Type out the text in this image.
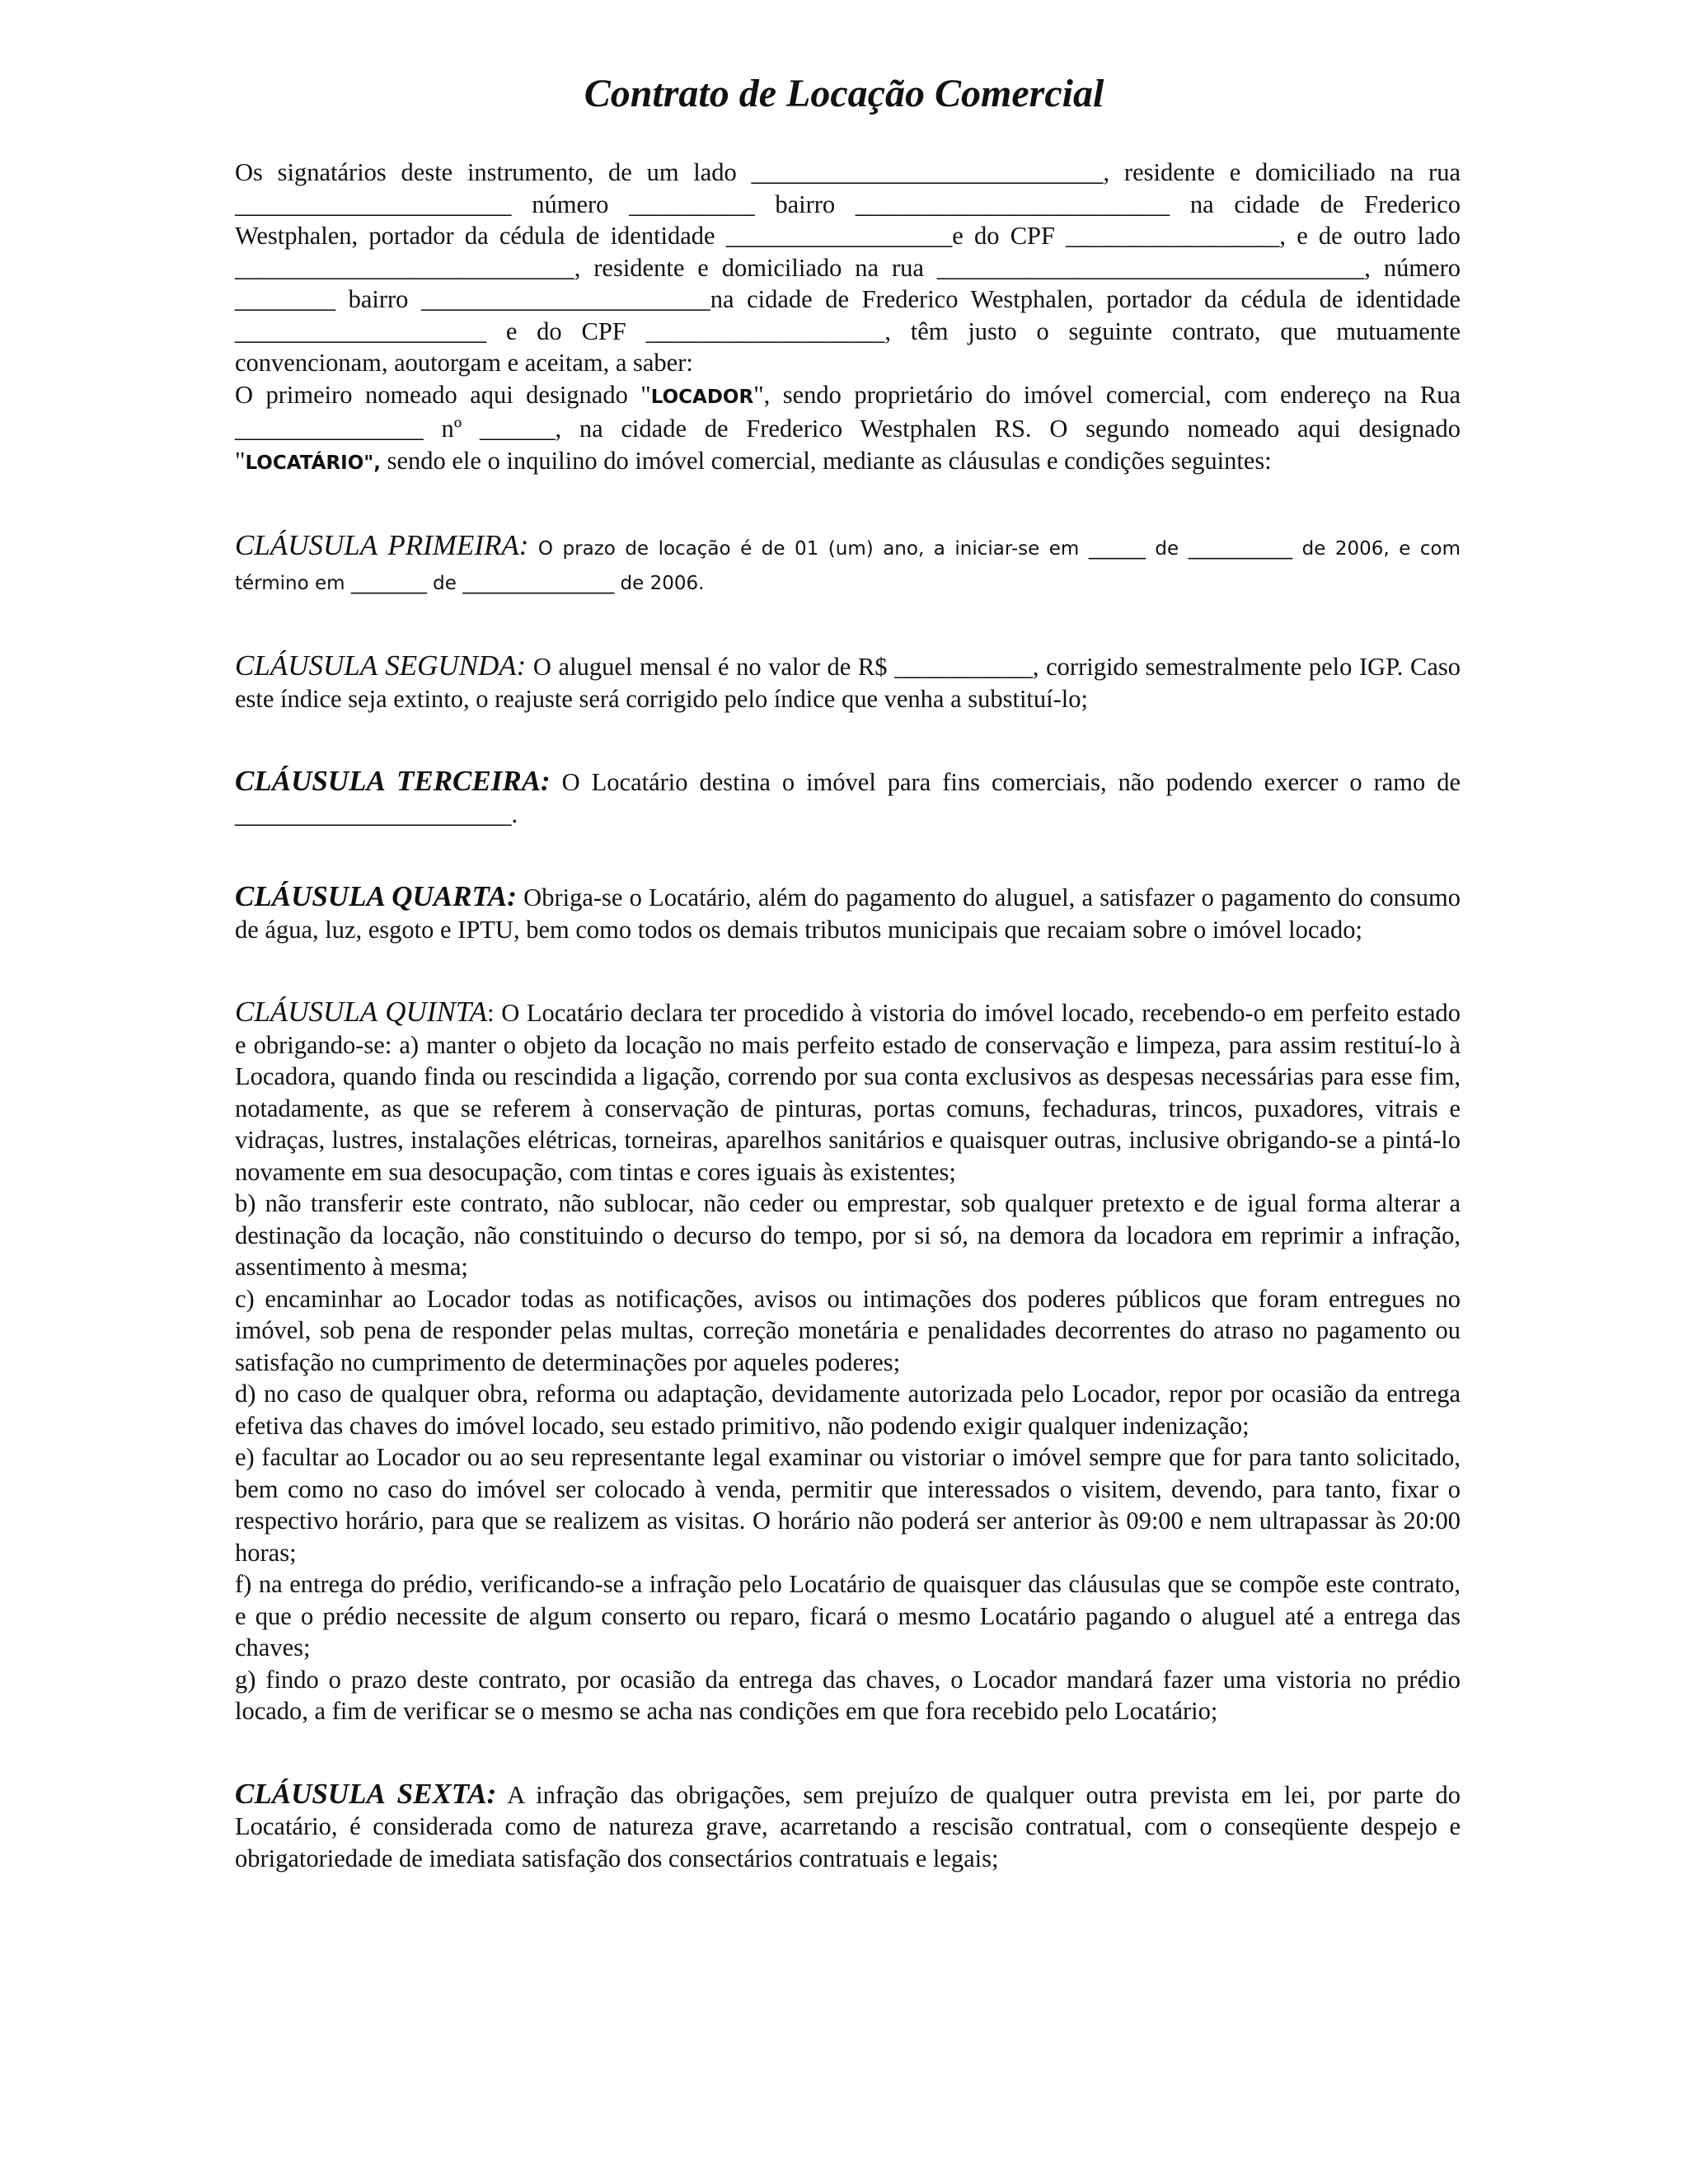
Contrato de Locação Comercial

Os signatários deste instrumento, de um lado ____________________________, residente e domiciliado na rua ______________________ número __________ bairro _________________________ na cidade de Frederico Westphalen, portador da cédula de identidade __________________e do CPF _________________, e de outro lado ___________________________, residente e domiciliado na rua __________________________________, número ________ bairro _______________________na cidade de Frederico Westphalen, portador da cédula de identidade ____________________ e do CPF ___________________, têm justo o seguinte contrato, que mutuamente convencionam, aoutorgam e aceitam, a saber:

O primeiro nomeado aqui designado "LOCADOR", sendo proprietário do imóvel comercial, com endereço na Rua _______________ nº ______, na cidade de Frederico Westphalen RS. O segundo nomeado aqui designado "LOCATÁRIO", sendo ele o inquilino do imóvel comercial, mediante as cláusulas e condições seguintes:

CLÁUSULA PRIMEIRA: O prazo de locação é de 01 (um) ano, a iniciar-se em ______ de ___________ de 2006, e com término em ________ de ________________ de 2006.

CLÁUSULA SEGUNDA: O aluguel mensal é no valor de R$ ___________, corrigido semestralmente pelo IGP. Caso este índice seja extinto, o reajuste será corrigido pelo índice que venha a substituí-lo;

CLÁUSULA TERCEIRA: O Locatário destina o imóvel para fins comerciais, não podendo exercer o ramo de ______________________.

CLÁUSULA QUARTA: Obriga-se o Locatário, além do pagamento do aluguel, a satisfazer o pagamento do consumo de água, luz, esgoto e IPTU, bem como todos os demais tributos municipais que recaiam sobre o imóvel locado;

CLÁUSULA QUINTA: O Locatário declara ter procedido à vistoria do imóvel locado, recebendo-o em perfeito estado e obrigando-se: a) manter o objeto da locação no mais perfeito estado de conservação e limpeza, para assim restituí-lo à Locadora, quando finda ou rescindida a ligação, correndo por sua conta exclusivos as despesas necessárias para esse fim, notadamente, as que se referem à conservação de pinturas, portas comuns, fechaduras, trincos, puxadores, vitrais e vidraças, lustres, instalações elétricas, torneiras, aparelhos sanitários e quaisquer outras, inclusive obrigando-se a pintá-lo novamente em sua desocupação, com tintas e cores iguais às existentes;

b) não transferir este contrato, não sublocar, não ceder ou emprestar, sob qualquer pretexto e de igual forma alterar a destinação da locação, não constituindo o decurso do tempo, por si só, na demora da locadora em reprimir a infração, assentimento à mesma;

c) encaminhar ao Locador todas as notificações, avisos ou intimações dos poderes públicos que foram entregues no imóvel, sob pena de responder pelas multas, correção monetária e penalidades decorrentes do atraso no pagamento ou satisfação no cumprimento de determinações por aqueles poderes;

d) no caso de qualquer obra, reforma ou adaptação, devidamente autorizada pelo Locador, repor por ocasião da entrega efetiva das chaves do imóvel locado, seu estado primitivo, não podendo exigir qualquer indenização;

e) facultar ao Locador ou ao seu representante legal examinar ou vistoriar o imóvel sempre que for para tanto solicitado, bem como no caso do imóvel ser colocado à venda, permitir que interessados o visitem, devendo, para tanto, fixar o respectivo horário, para que se realizem as visitas. O horário não poderá ser anterior às 09:00 e nem ultrapassar às 20:00 horas;

f) na entrega do prédio, verificando-se a infração pelo Locatário de quaisquer das cláusulas que se compõe este contrato, e que o prédio necessite de algum conserto ou reparo, ficará o mesmo Locatário pagando o aluguel até a entrega das chaves;

g) findo o prazo deste contrato, por ocasião da entrega das chaves, o Locador mandará fazer uma vistoria no prédio locado, a fim de verificar se o mesmo se acha nas condições em que fora recebido pelo Locatário;

CLÁUSULA SEXTA: A infração das obrigações, sem prejuízo de qualquer outra prevista em lei, por parte do Locatário, é considerada como de natureza grave, acarretando a rescisão contratual, com o conseqüente despejo e obrigatoriedade de imediata satisfação dos consectários contratuais e legais;
